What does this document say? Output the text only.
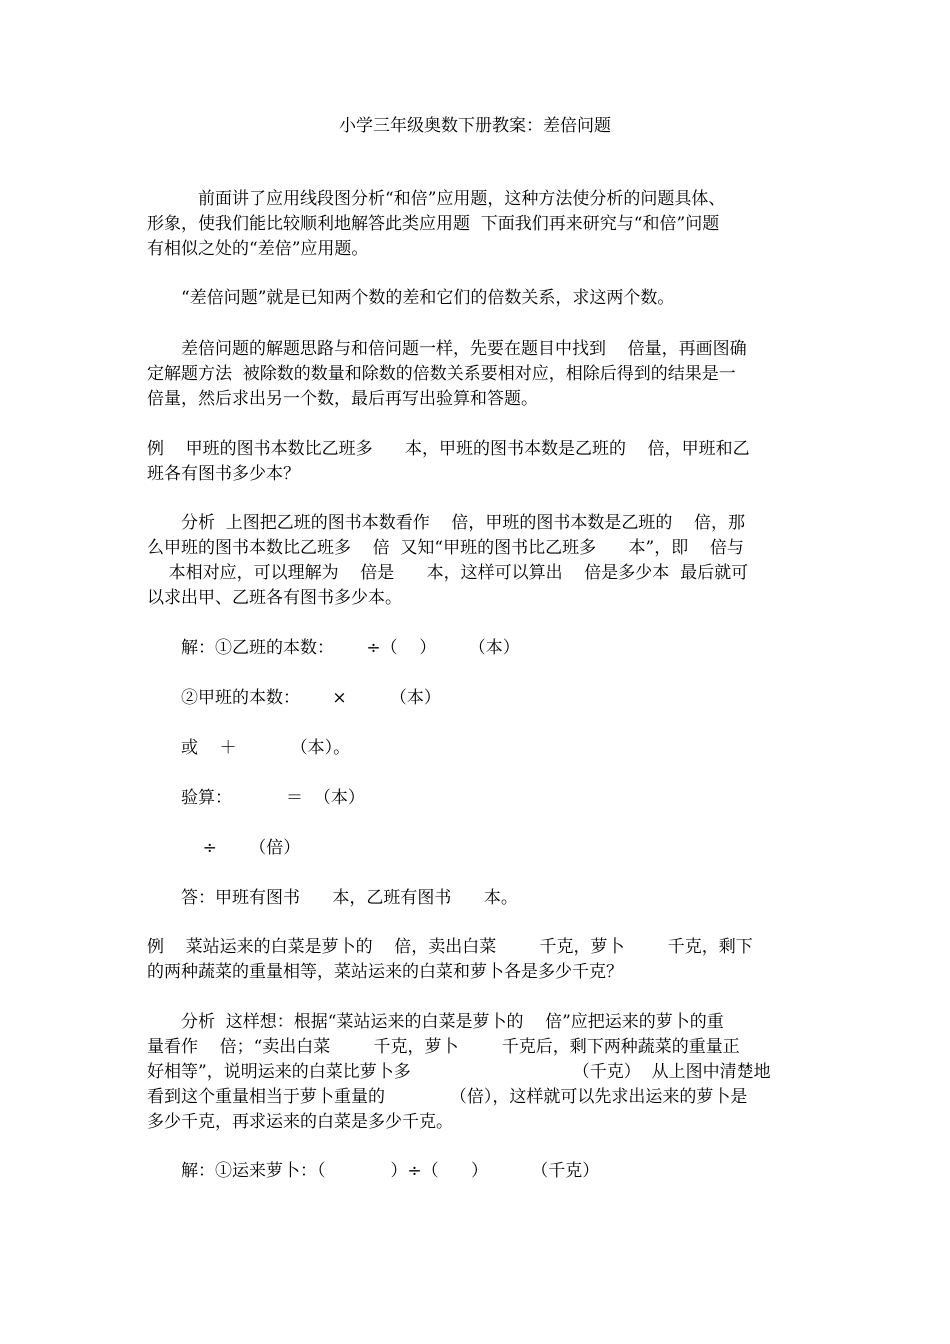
小学三年级奥数下册教案：差倍问题
　　　前面讲了应用线段图分析“和倍”应用题，这种方法使分析的问题具体、
形象，使我们能比较顺利地解答此类应用题  下面我们再来研究与“和倍”问题
有相似之处的“差倍”应用题。
　　“差倍问题”就是已知两个数的差和它们的倍数关系，求这两个数。
　　差倍问题的解题思路与和倍问题一样，先要在题目中找到    倍量，再画图确
定解题方法  被除数的数量和除数的倍数关系要相对应，相除后得到的结果是一
倍量，然后求出另一个数，最后再写出验算和答题。
例    甲班的图书本数比乙班多      本，甲班的图书本数是乙班的    倍，甲班和乙
班各有图书多少本？
　　分析  上图把乙班的图书本数看作    倍，甲班的图书本数是乙班的    倍，那
么甲班的图书本数比乙班多    倍  又知“甲班的图书比乙班多      本”，即    倍与
本相对应，可以理解为    倍是      本，这样可以算出    倍是多少本  最后就可
以求出甲、乙班各有图书多少本。
　　解：①乙班的本数：      ÷（    ）      （本）
　　②甲班的本数：      ×        （本）
　　或    ＋          （本）。
　　验算：          ＝  （本）
　　    ÷      （倍）
　　答：甲班有图书      本，乙班有图书      本。
例    菜站运来的白菜是萝卜的    倍，卖出白菜        千克，萝卜        千克，剩下
的两种蔬菜的重量相等，菜站运来的白菜和萝卜各是多少千克？
　　分析  这样想：根据“菜站运来的白菜是萝卜的    倍”应把运来的萝卜的重
量看作    倍；“卖出白菜        千克，萝卜        千克后，剩下两种蔬菜的重量正
好相等”，说明运来的白菜比萝卜多                              （千克）  从上图中清楚地
看到这个重量相当于萝卜重量的            （倍），这样就可以先求出运来的萝卜是
多少千克，再求运来的白菜是多少千克。
　　解：①运来萝卜：（            ）÷（      ）        （千克）
